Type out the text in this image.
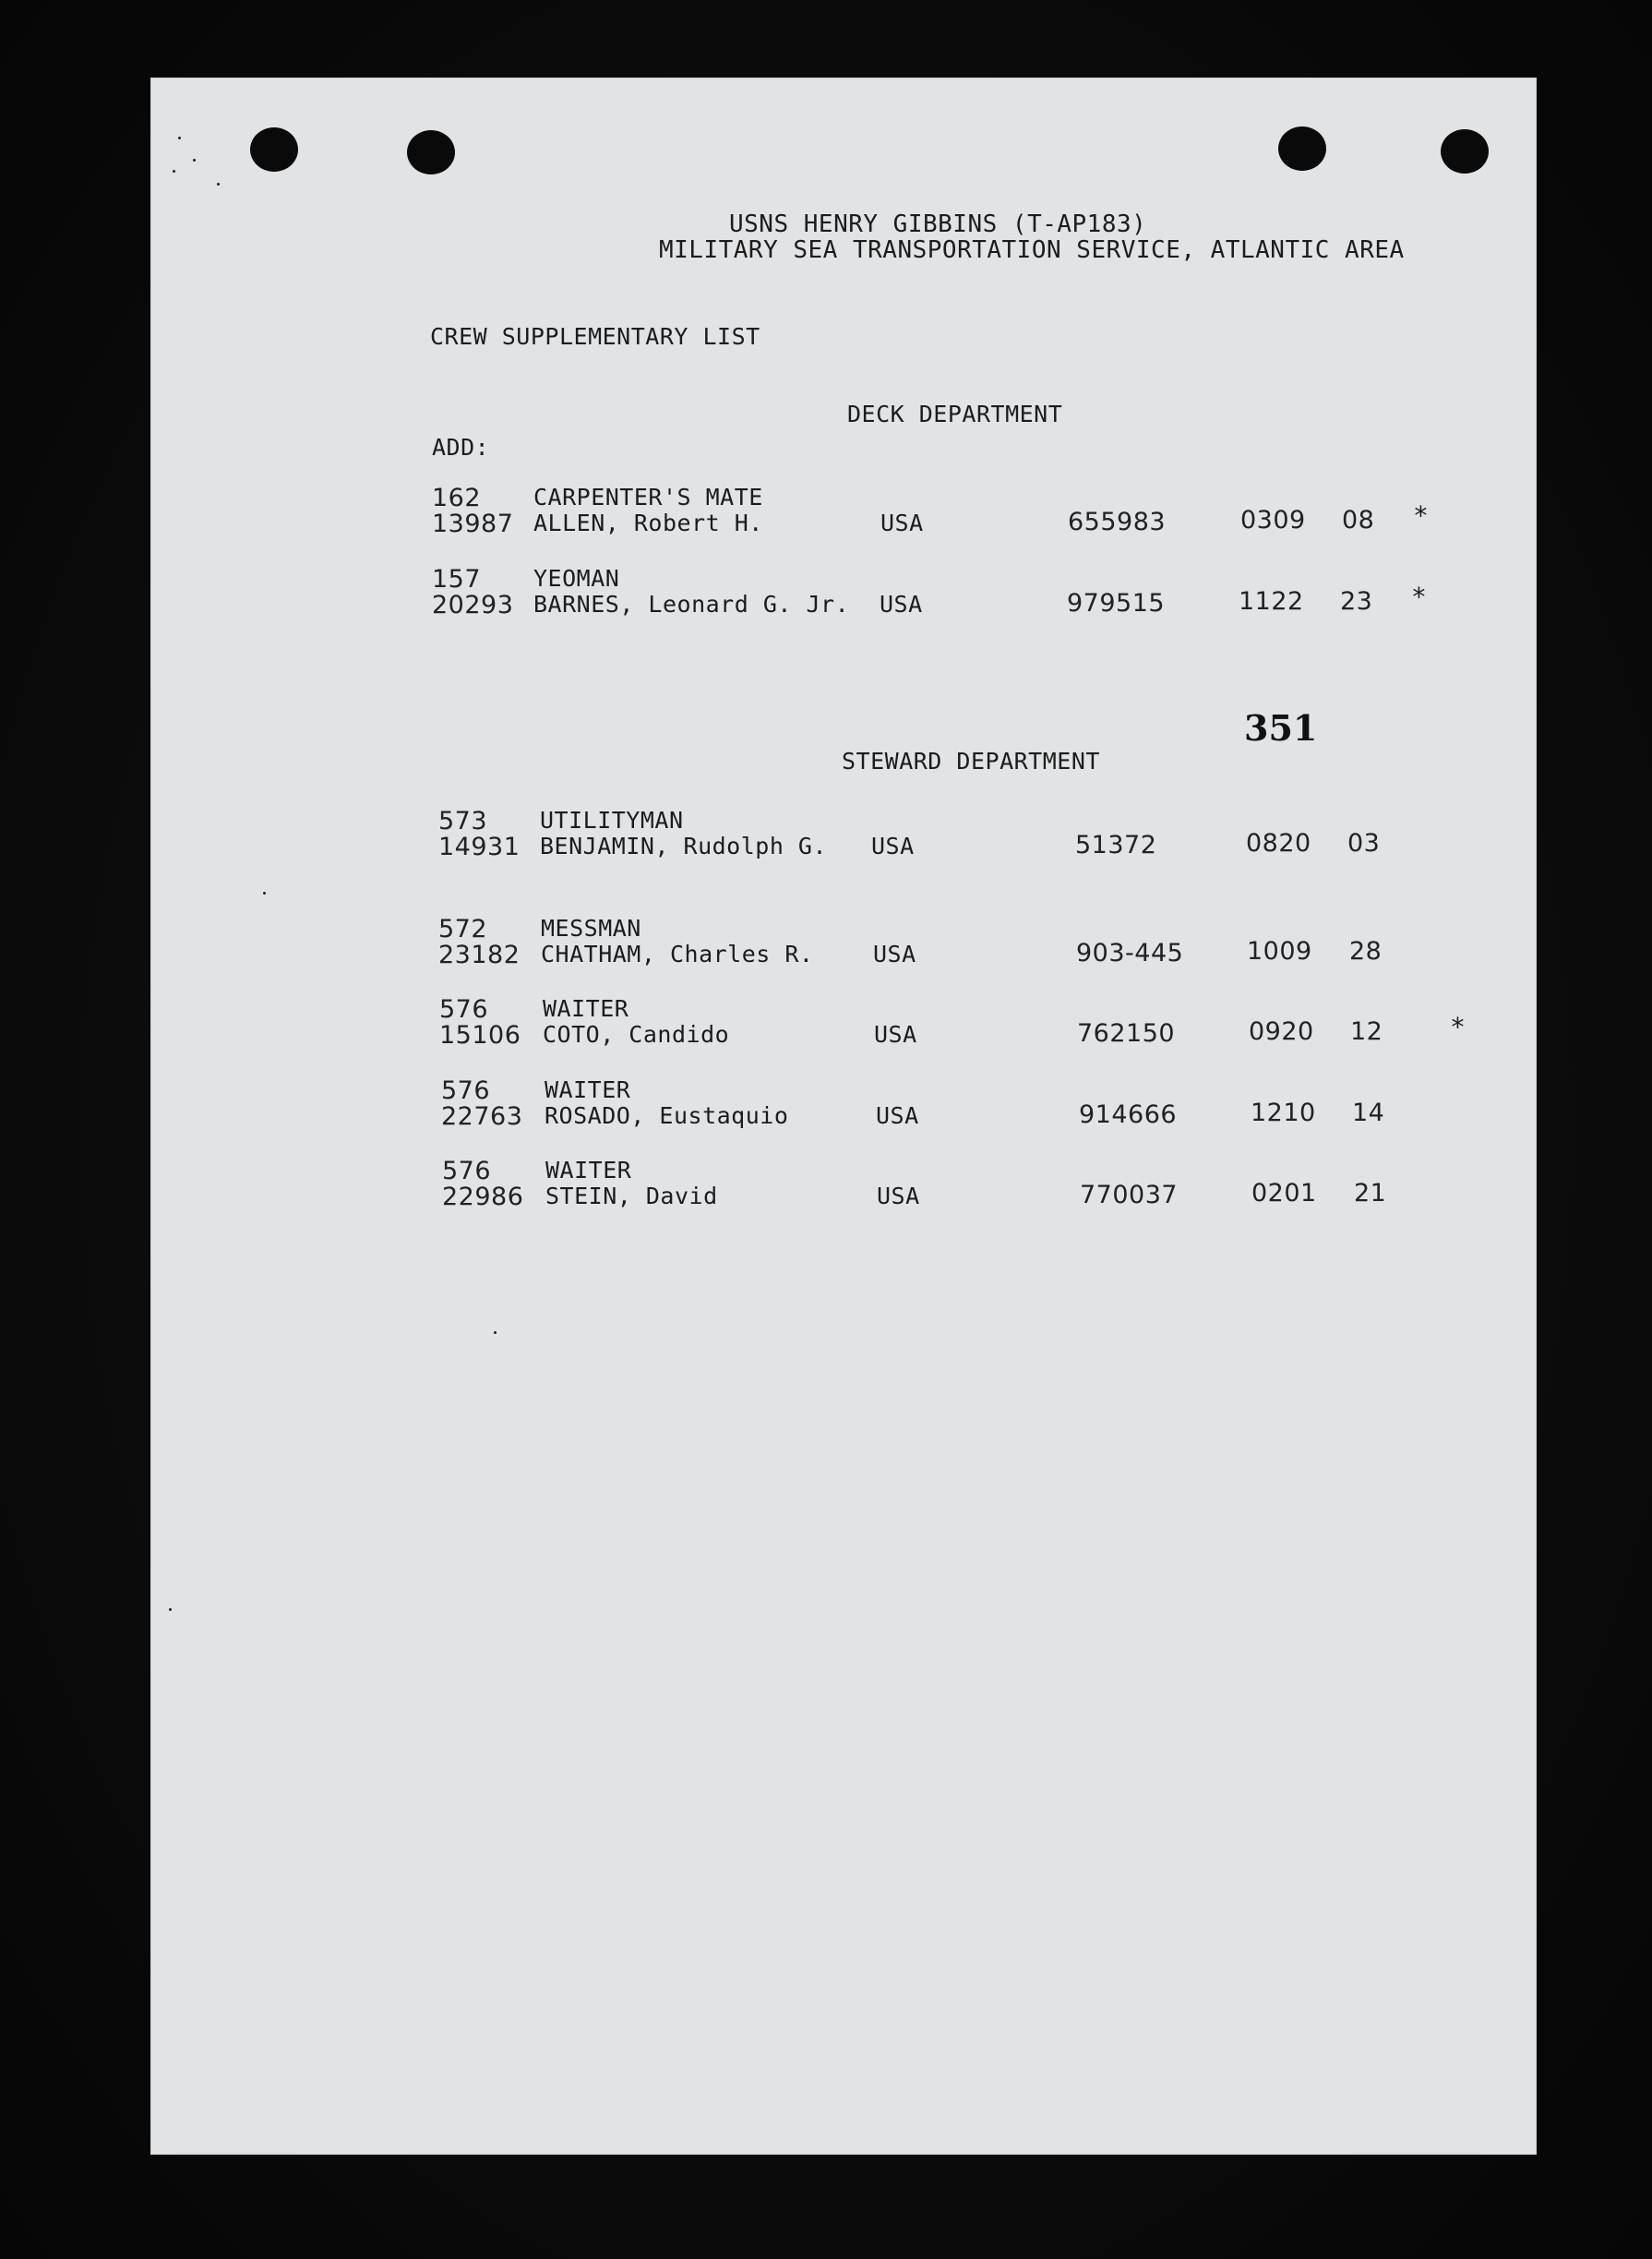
USNS HENRY GIBBINS (T-AP183)
MILITARY SEA TRANSPORTATION SERVICE, ATLANTIC AREA
CREW SUPPLEMENTARY LIST
DECK DEPARTMENT
ADD:
162 CARPENTER'S MATE
13987 ALLEN, Robert H.	USA	655983	0309 08 *
157 YEOMAN
20293 BARNES, Leonard G. Jr. USA	979515	1122 23 *
351
STEWARD DEPARTMENT
573 UTILITYMAN
14931 BENJAMIN, Rudolph G. USA	51372	0820 03
572 MESSMAN
23182 CHATHAM, Charles R.	USA	903-445	1009 28
576 WAITER
15106 COTO, Candido	USA	762150	0920 12	*
576 WAITER
22763 ROSADO, Eustaquio	USA	914666	1210 14
576 WAITER
22986 STEIN, David	USA	770037	0201 21
